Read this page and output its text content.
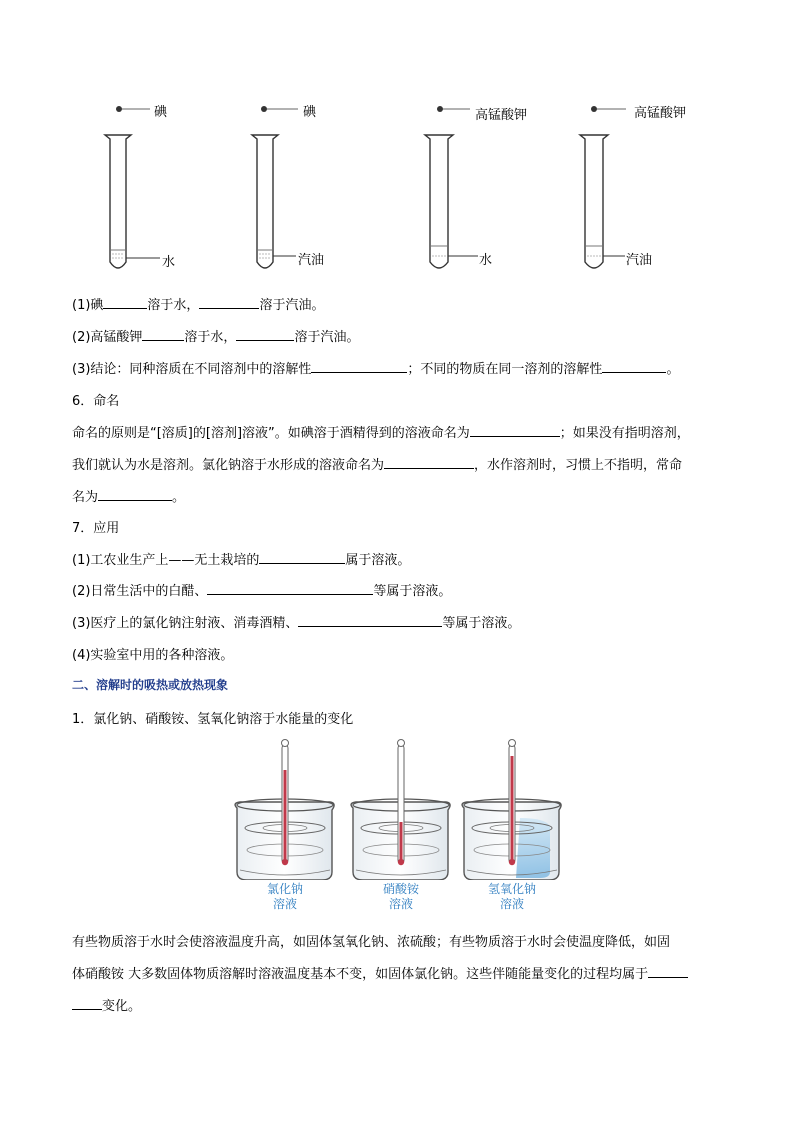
碘
水
碘
汽油
高锰酸钾
水
高锰酸钾
汽油
(1)碘	溶于水，	溶于汽油。
(2)高锰酸钾	溶于水，	溶于汽油。
(3)结论：同种溶质在不同溶剂中的溶解性	；不同的物质在同一溶剂的溶解性	。
6．命名
命名的原则是“[溶质]的[溶剂]溶液”。如碘溶于酒精得到的溶液命名为	；如果没有指明溶剂，
我们就认为水是溶剂。氯化钠溶于水形成的溶液命名为	，水作溶剂时，习惯上不指明，常命
名为	。
7．应用
(1)工农业生产上——无土栽培的	属于溶液。
(2)日常生活中的白醋、	等属于溶液。
(3)医疗上的氯化钠注射液、消毒酒精、	等属于溶液。
(4)实验室中用的各种溶液。
二、溶解时的吸热或放热现象
1．氯化钠、硝酸铵、氢氧化钠溶于水能量的变化
氯化钠
溶液
硝酸铵
溶液
氢氧化钠
溶液
有些物质溶于水时会使溶液温度升高，如固体氢氧化钠、浓硫酸；有些物质溶于水时会使温度降低，如固
体硝酸铵 大多数固体物质溶解时溶液温度基本不变，如固体氯化钠。这些伴随能量变化的过程均属于
变化。
